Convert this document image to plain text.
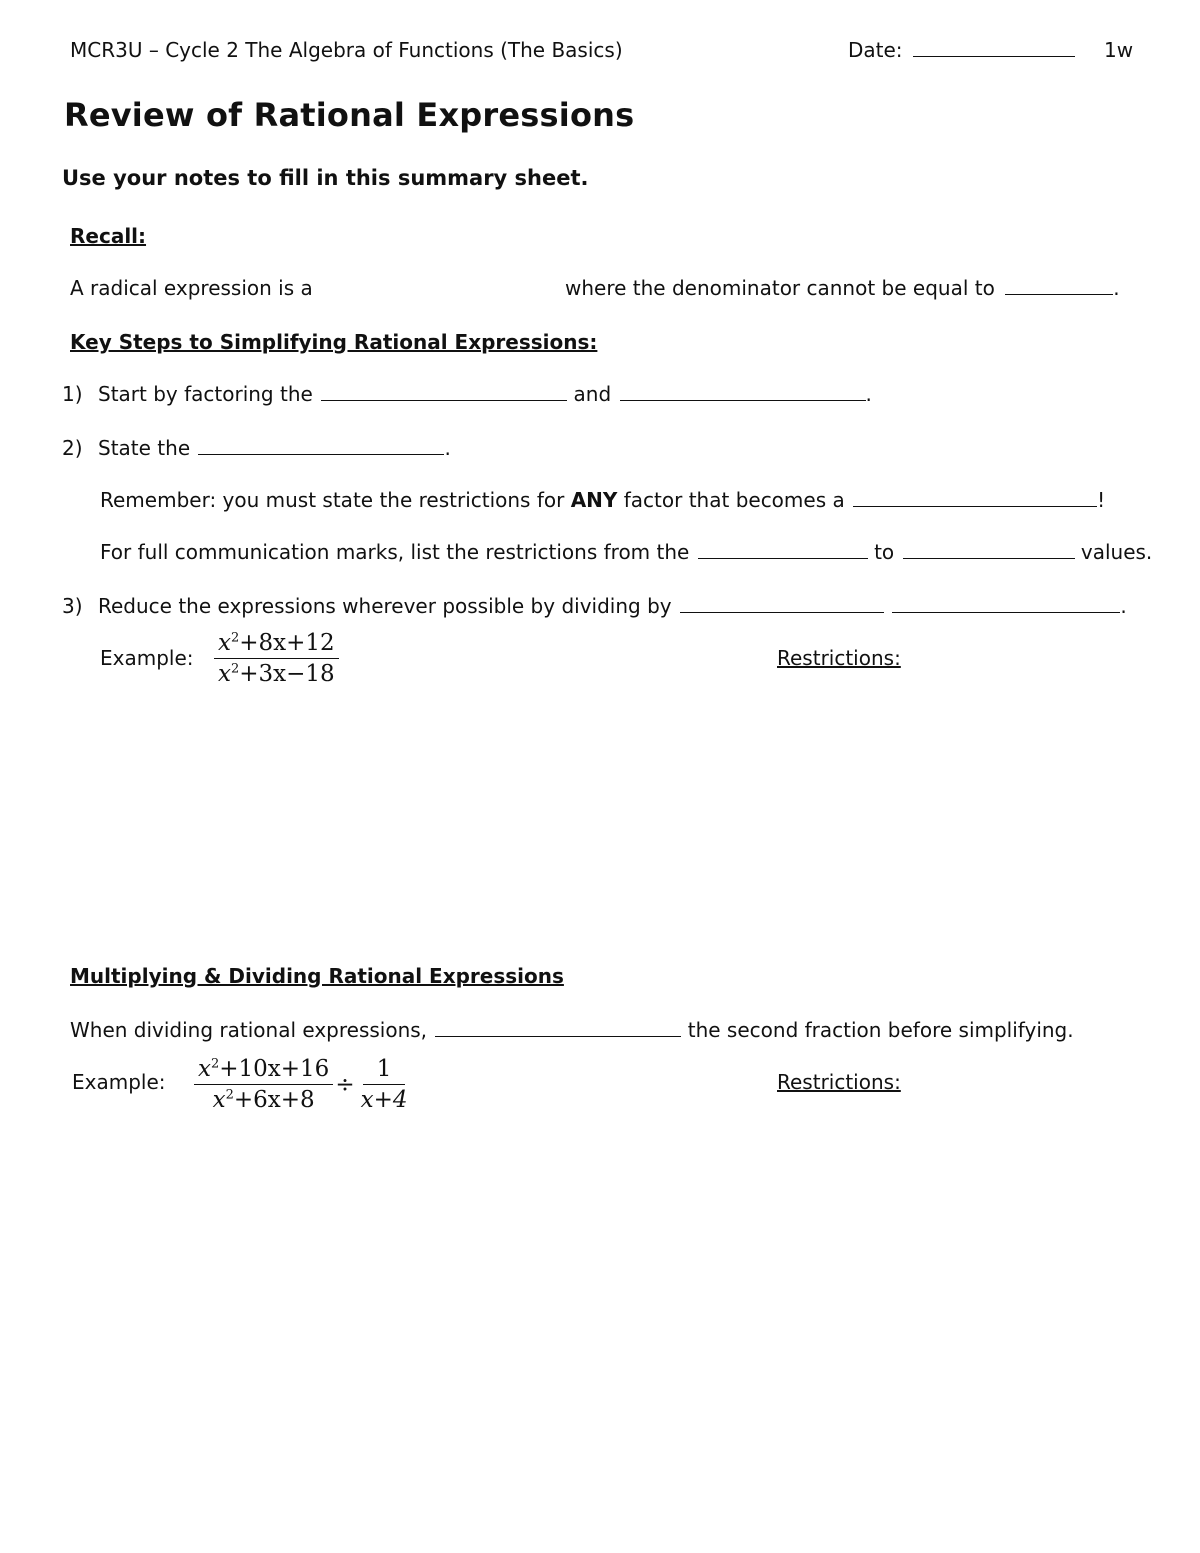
MCR3U – Cycle 2 The Algebra of Functions (The Basics)	Date:	1w
Review of Rational Expressions
Use your notes to fill in this summary sheet.
Recall:
A radical expression is a	where the denominator cannot be equal to	.
Key Steps to Simplifying Rational Expressions:
1) Start by factoring the	and	.
2) State the	.
Remember: you must state the restrictions for ANY factor that becomes a	!
For full communication marks, list the restrictions from the	to	values.
3) Reduce the expressions wherever possible by dividing by	.
Example: $\frac{x^2+8x+12}{x^2+3x-18}$	Restrictions:
Multiplying & Dividing Rational Expressions
When dividing rational expressions,	the second fraction before simplifying.
Example: $\frac{x^2+10x+16}{x^2+6x+8} \div \frac{1}{x+4}$	Restrictions:
